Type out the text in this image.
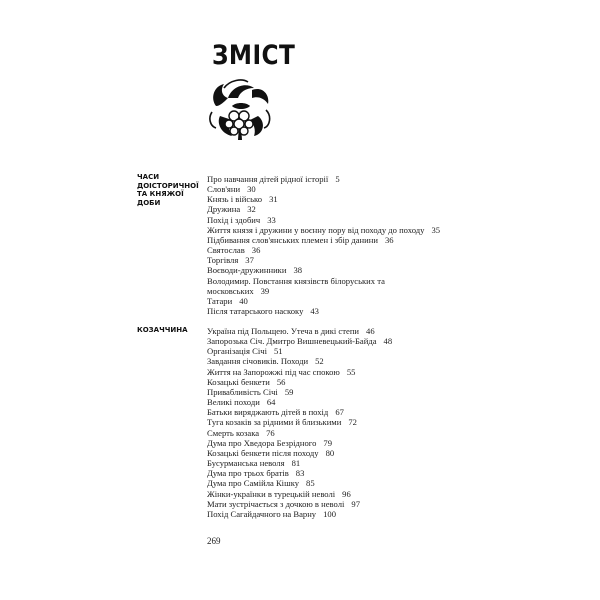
ЗМІСТ
ЧАСИ
ДОІСТОРИЧНОЇ
ТА КНЯЖОЇ
ДОБИ
Про навчання дітей рідної історії 5
Слов'яни 30
Князь і військо 31
Дружина 32
Похід і здобич 33
Життя князя і дружини у воєнну пору від походу до походу 35
Підбивання слов'янських племен і збір данини 36
Святослав 36
Торгівля 37
Воєводи-дружинники 38
Володимир. Повстання князівств білоруських та московських 39
Татари 40
Після татарського наскоку 43
КОЗАЧЧИНА	Україна під Польщею. Утеча в дикі степи 46
Запорозька Січ. Дмитро Вишневецький-Байда 48
Організація Січі 51
Завдання січовиків. Походи 52
Життя на Запорожжі під час спокою 55
Козацькі бенкети 56
Привабливість Січі 59
Великі походи 64
Батьки виряджають дітей в похід 67
Туга козаків за рідними й близькими 72
Смерть козака 76
Дума про Хведора Безрідного 79
Козацькі бенкети після походу 80
Бусурманська неволя 81
Дума про трьох братів 83
Дума про Самійла Кішку 85
Жінки-українки в турецькій неволі 96
Мати зустрічається з дочкою в неволі 97
Похід Сагайдачного на Варну 100
269
